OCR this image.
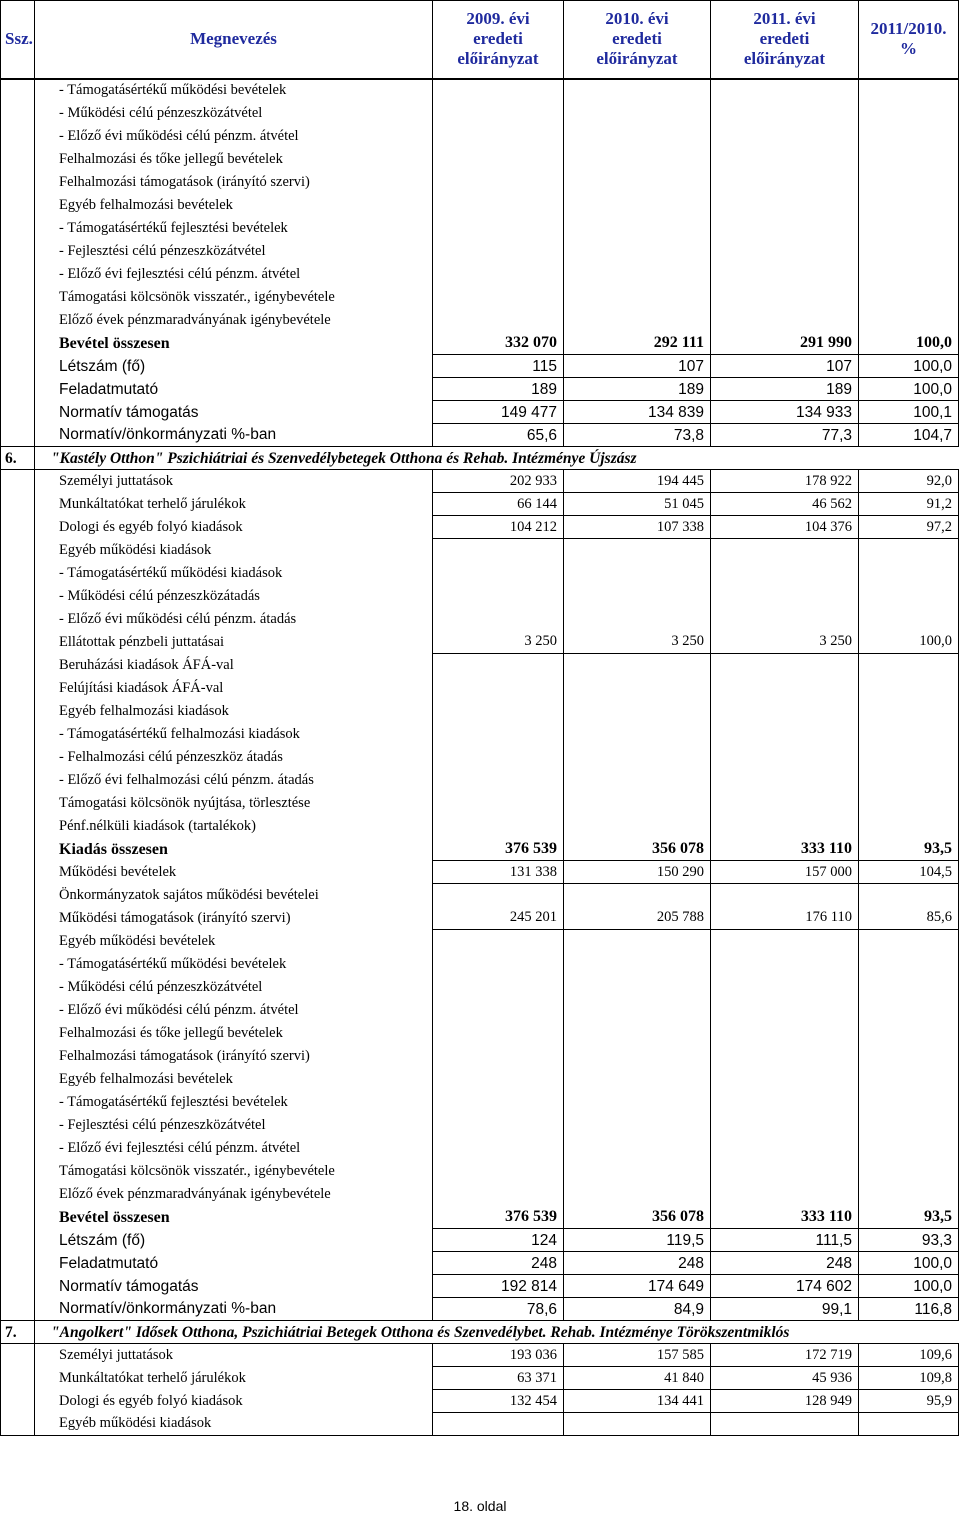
Ssz.	Megnevezés	2009. évi
eredeti
előirányzat	2010. évi
eredeti
előirányzat	2011. évi
eredeti
előirányzat	2011/2010.
%

	- Támogatásértékű működési bevételek				
	- Működési célú pénzeszközátvétel				
	- Előző évi működési célú pénzm. átvétel				
	Felhalmozási és tőke jellegű bevételek				
	Felhalmozási támogatások (irányító szervi)				
	Egyéb felhalmozási bevételek				
	- Támogatásértékű fejlesztési bevételek				
	- Fejlesztési célú pénzeszközátvétel				
	- Előző évi fejlesztési célú pénzm. átvétel				
	Támogatási kölcsönök visszatér., igénybevétele				
	Előző évek pénzmaradványának igénybevétele				
	Bevétel összesen	332 070	292 111	291 990	100,0
	Létszám (fő)	115	107	107	100,0
	Feladatmutató	189	189	189	100,0
	Normatív támogatás	149 477	134 839	134 933	100,1
	Normatív/önkormányzati %-ban	65,6	73,8	77,3	104,7
6.	"Kastély Otthon" Pszichiátriai és Szenvedélybetegek Otthona és Rehab. Intézménye Újszász				
	Személyi juttatások	202 933	194 445	178 922	92,0
	Munkáltatókat terhelő járulékok	66 144	51 045	46 562	91,2
	Dologi és egyéb folyó kiadások	104 212	107 338	104 376	97,2
	Egyéb működési kiadások				
	- Támogatásértékű működési kiadások				
	- Működési célú pénzeszközátadás				
	- Előző évi működési célú pénzm. átadás				
	Ellátottak pénzbeli juttatásai	3 250	3 250	3 250	100,0
	Beruházási kiadások ÁFÁ-val				
	Felújítási kiadások ÁFÁ-val				
	Egyéb felhalmozási kiadások				
	- Támogatásértékű felhalmozási kiadások				
	- Felhalmozási célú pénzeszköz átadás				
	- Előző évi felhalmozási célú pénzm. átadás				
	Támogatási kölcsönök nyújtása, törlesztése				
	Pénf.nélküli kiadások (tartalékok)				
	Kiadás összesen	376 539	356 078	333 110	93,5
	Működési bevételek	131 338	150 290	157 000	104,5
	Önkormányzatok sajátos működési bevételei				
	Működési támogatások (irányító szervi)	245 201	205 788	176 110	85,6
	Egyéb működési bevételek				
	- Támogatásértékű működési bevételek				
	- Működési célú pénzeszközátvétel				
	- Előző évi működési célú pénzm. átvétel				
	Felhalmozási és tőke jellegű bevételek				
	Felhalmozási támogatások (irányító szervi)				
	Egyéb felhalmozási bevételek				
	- Támogatásértékű fejlesztési bevételek				
	- Fejlesztési célú pénzeszközátvétel				
	- Előző évi fejlesztési célú pénzm. átvétel				
	Támogatási kölcsönök visszatér., igénybevétele				
	Előző évek pénzmaradványának igénybevétele				
	Bevétel összesen	376 539	356 078	333 110	93,5
	Létszám (fő)	124	119,5	111,5	93,3
	Feladatmutató	248	248	248	100,0
	Normatív támogatás	192 814	174 649	174 602	100,0
	Normatív/önkormányzati %-ban	78,6	84,9	99,1	116,8
7.	"Angolkert" Idősek Otthona, Pszichiátriai Betegek Otthona és Szenvedélybet. Rehab. Intézménye Törökszentmiklós				
	Személyi juttatások	193 036	157 585	172 719	109,6
	Munkáltatókat terhelő járulékok	63 371	41 840	45 936	109,8
	Dologi és egyéb folyó kiadások	132 454	134 441	128 949	95,9
	Egyéb működési kiadások				
18. oldal
